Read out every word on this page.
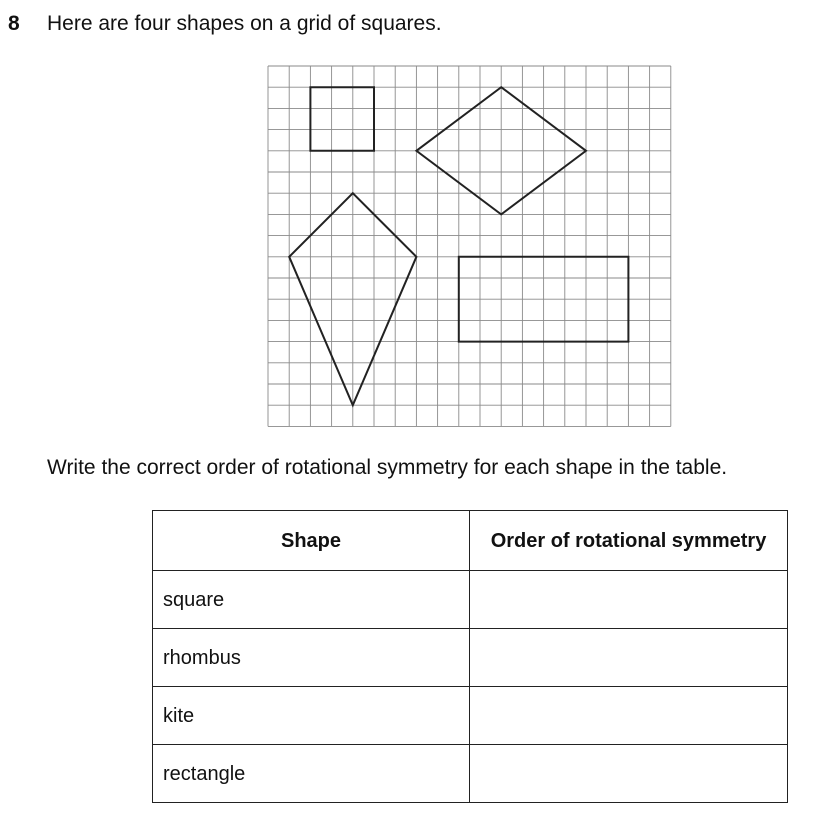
8 Here are four shapes on a grid of squares.
Write the correct order of rotational symmetry for each shape in the table.
Shape	Order of rotational symmetry
square	
rhombus	
kite	
rectangle	
